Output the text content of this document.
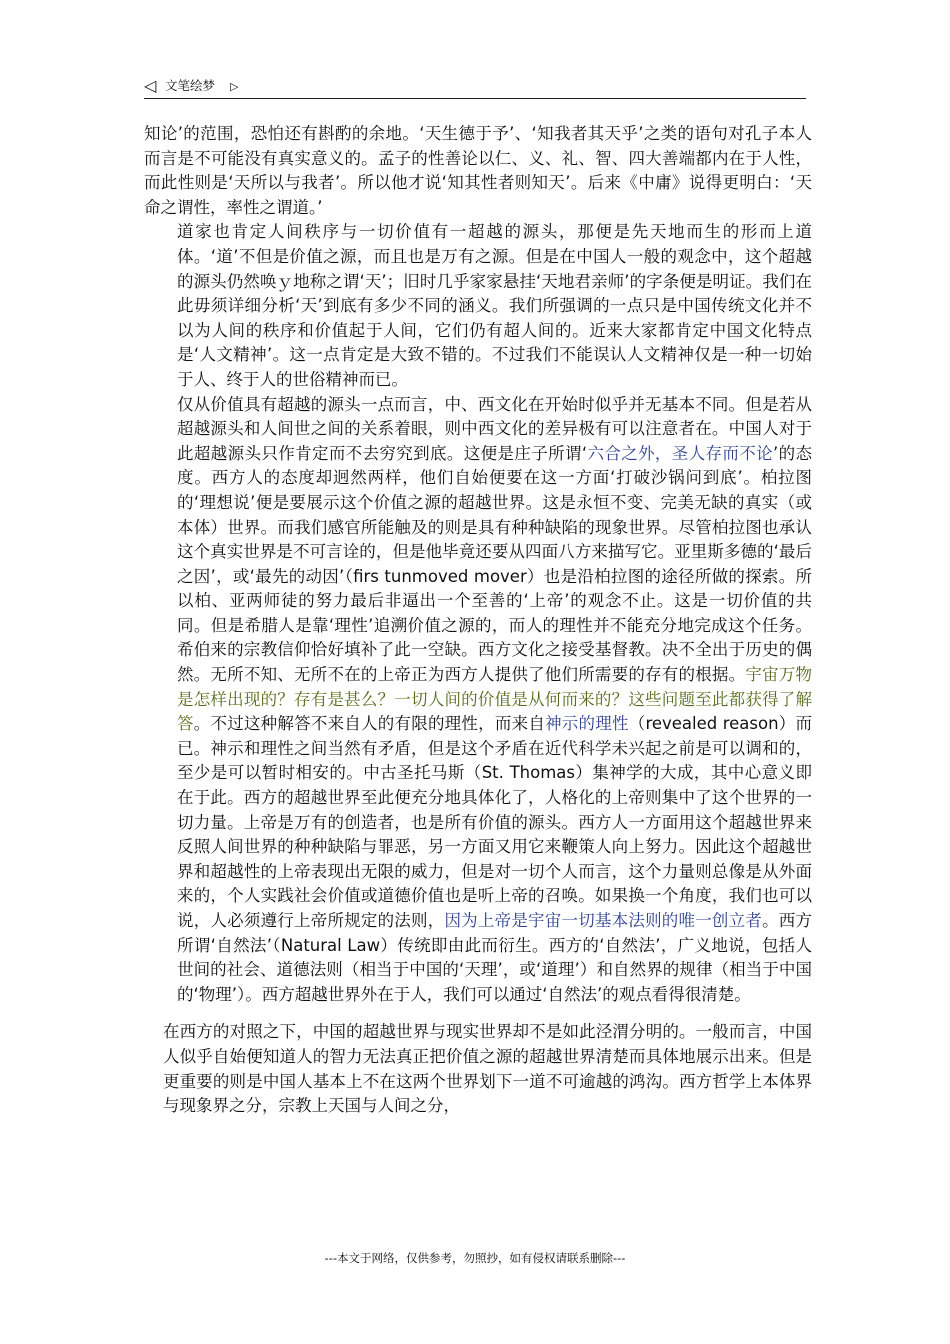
◁ 文笔绘梦 ▷

知论’的范围，恐怕还有斟酌的余地。‘天生德于予’、‘知我者其天乎’之类的语句对孔子本人而言是不可能没有真实意义的。孟子的性善论以仁、义、礼、智、四大善端都内在于人性，而此性则是‘天所以与我者’。所以他才说‘知其性者则知天’。后来《中庸》说得更明白：‘天命之谓性，率性之谓道。’

道家也肯定人间秩序与一切价值有一超越的源头，那便是先天地而生的形而上道体。‘道’不但是价值之源，而且也是万有之源。但是在中国人一般的观念中，这个超越的源头仍然唤ｙ地称之谓‘天’；旧时几乎家家悬挂‘天地君亲师’的字条便是明证。我们在此毋须详细分析‘天’到底有多少不同的涵义。我们所强调的一点只是中国传统文化并不以为人间的秩序和价值起于人间，它们仍有超人间的。近来大家都肯定中国文化特点是‘人文精神’。这一点肯定是大致不错的。不过我们不能误认人文精神仅是一种一切始于人、终于人的世俗精神而已。

仅从价值具有超越的源头一点而言，中、西文化在开始时似乎并无基本不同。但是若从超越源头和人间世之间的关系着眼，则中西文化的差异极有可以注意者在。中国人对于此超越源头只作肯定而不去穷究到底。这便是庄子所谓‘六合之外，圣人存而不论’的态度。西方人的态度却迥然两样，他们自始便要在这一方面‘打破沙锅问到底’。柏拉图的‘理想说’便是要展示这个价值之源的超越世界。这是永恒不变、完美无缺的真实（或本体）世界。而我们感官所能触及的则是具有种种缺陷的现象世界。尽管柏拉图也承认这个真实世界是不可言诠的，但是他毕竟还要从四面八方来描写它。亚里斯多德的‘最后之因’，或‘最先的动因’（firs tunmoved mover）也是沿柏拉图的途径所做的探索。所以柏、亚两师徒的努力最后非逼出一个至善的‘上帝’的观念不止。这是一切价值的共同。但是希腊人是靠‘理性’追溯价值之源的，而人的理性并不能充分地完成这个任务。希伯来的宗教信仰恰好填补了此一空缺。西方文化之接受基督教。决不全出于历史的偶然。无所不知、无所不在的上帝正为西方人提供了他们所需要的存有的根据。宇宙万物是怎样出现的？存有是甚么？一切人间的价值是从何而来的？这些问题至此都获得了解答。不过这种解答不来自人的有限的理性，而来自神示的理性（revealed reason）而已。神示和理性之间当然有矛盾，但是这个矛盾在近代科学未兴起之前是可以调和的，至少是可以暂时相安的。中古圣托马斯（St. Thomas）集神学的大成，其中心意义即在于此。西方的超越世界至此便充分地具体化了，人格化的上帝则集中了这个世界的一切力量。上帝是万有的创造者，也是所有价值的源头。西方人一方面用这个超越世界来反照人间世界的种种缺陷与罪恶，另一方面又用它来鞭策人向上努力。因此这个超越世界和超越性的上帝表现出无限的威力，但是对一切个人而言，这个力量则总像是从外面来的，个人实践社会价值或道德价值也是听上帝的召唤。如果换一个角度，我们也可以说，人必须遵行上帝所规定的法则，因为上帝是宇宙一切基本法则的唯一创立者。西方所谓‘自然法’（Natural Law）传统即由此而衍生。西方的‘自然法’，广义地说，包括人世间的社会、道德法则（相当于中国的‘天理’，或‘道理’）和自然界的规律（相当于中国的‘物理’）。西方超越世界外在于人，我们可以通过‘自然法’的观点看得很清楚。

在西方的对照之下，中国的超越世界与现实世界却不是如此泾渭分明的。一般而言，中国人似乎自始便知道人的智力无法真正把价值之源的超越世界清楚而具体地展示出来。但是更重要的则是中国人基本上不在这两个世界划下一道不可逾越的鸿沟。西方哲学上本体界与现象界之分，宗教上天国与人间之分，

---本文于网络，仅供参考，勿照抄，如有侵权请联系删除---
